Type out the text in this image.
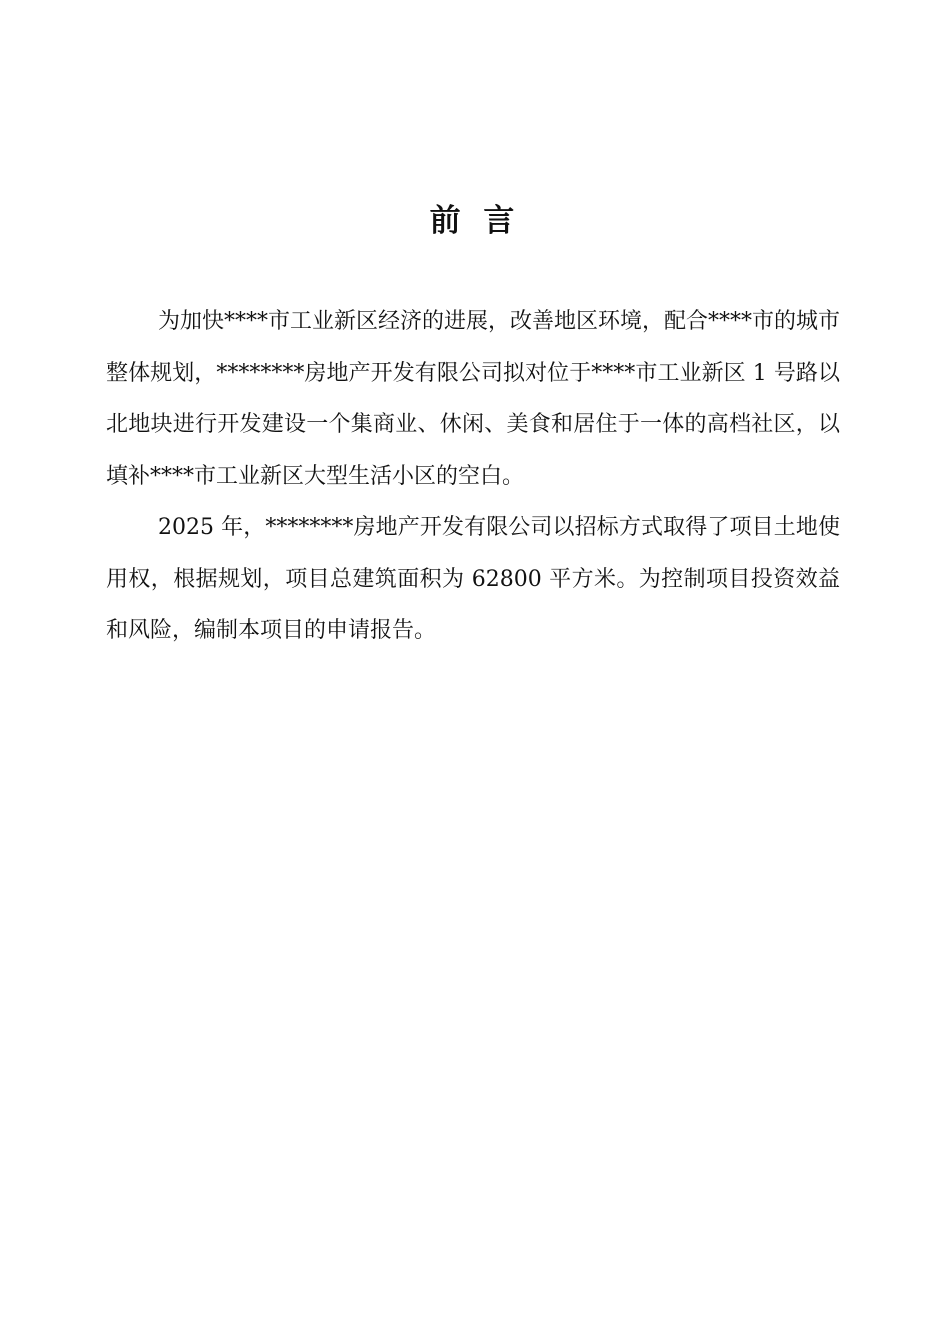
前 言

为加快****市工业新区经济的进展，改善地区环境，配合****市的城市整体规划，********房地产开发有限公司拟对位于****市工业新区 1 号路以北地块进行开发建设一个集商业、休闲、美食和居住于一体的高档社区，以填补****市工业新区大型生活小区的空白。

2025 年，********房地产开发有限公司以招标方式取得了项目土地使用权，根据规划，项目总建筑面积为 62800 平方米。为控制项目投资效益和风险，编制本项目的申请报告。
